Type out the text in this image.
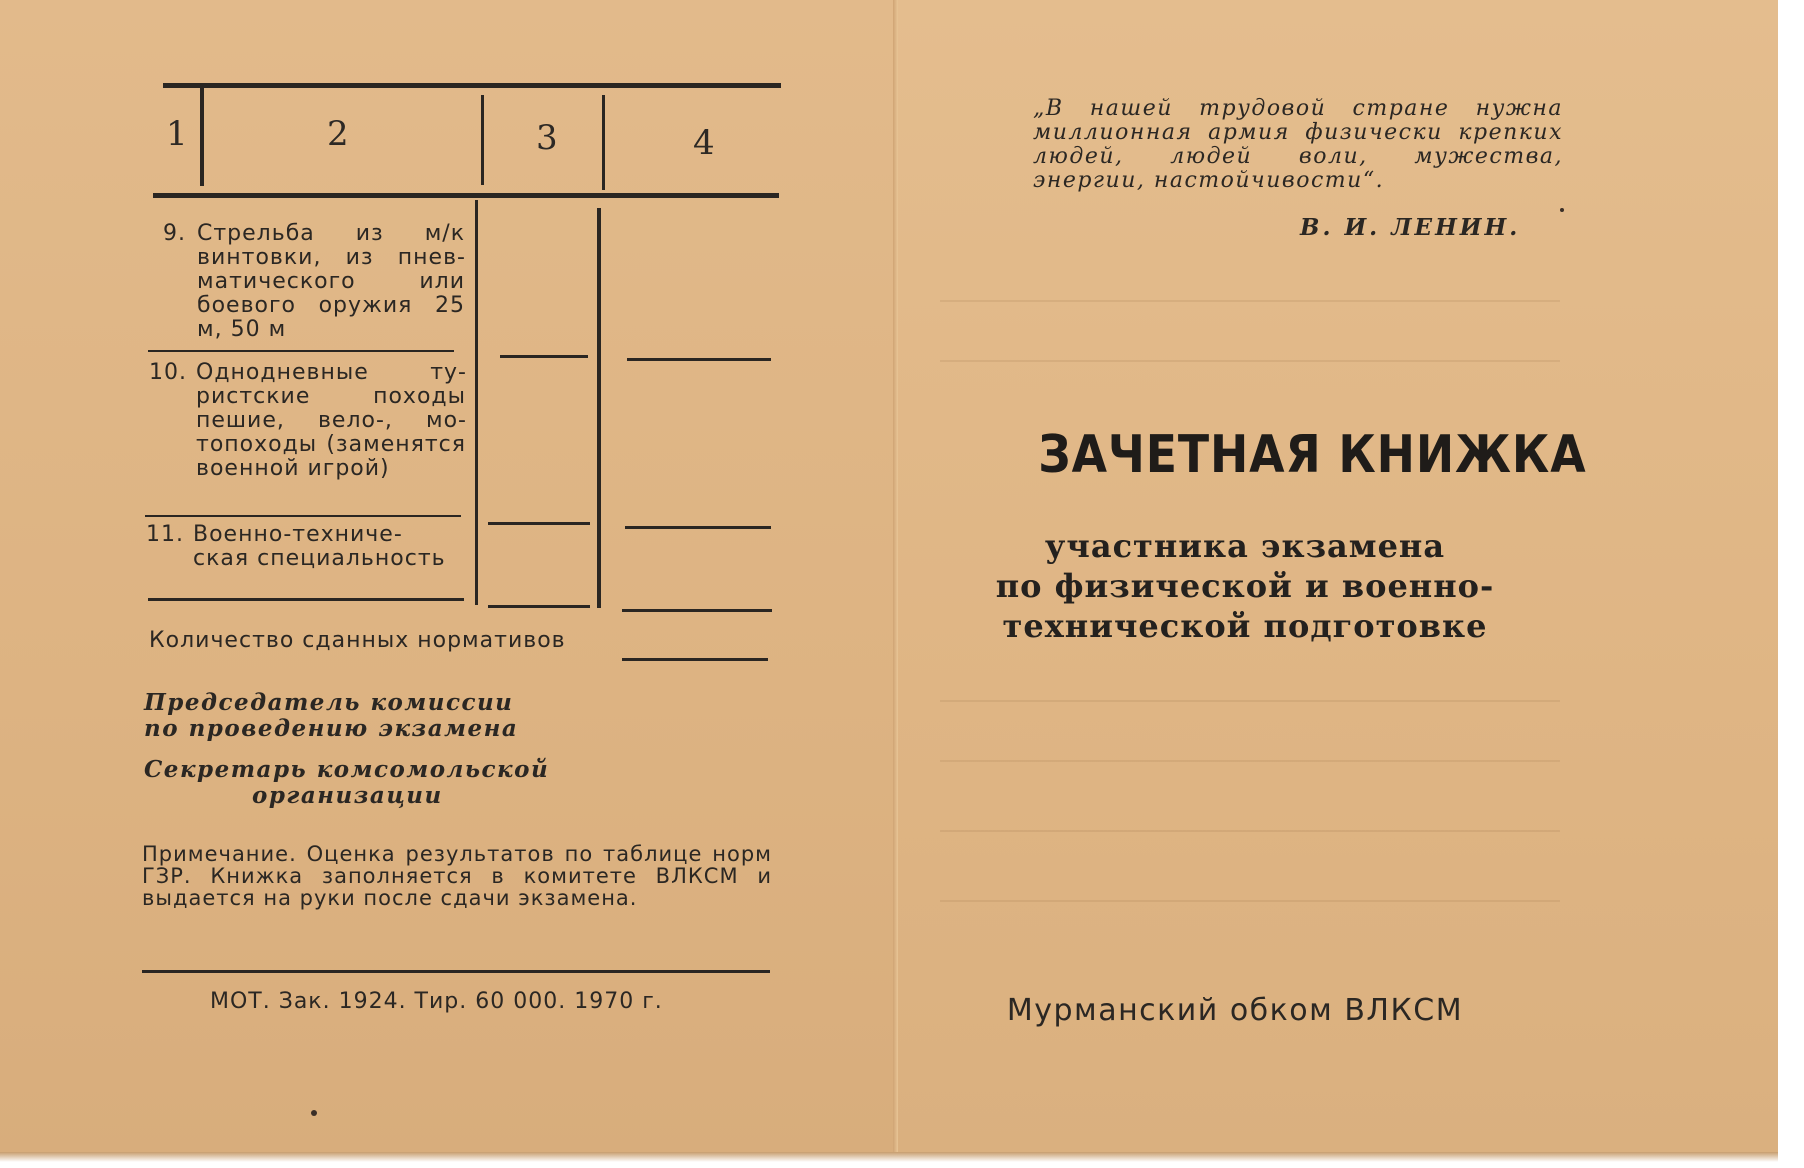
1	2	3	4
9. Стрельба из м/к винтовки, из пневматического или боевого оружия 25 м, 50 м
10. Однодневные туристские походы пешие, вело-, мотопоходы (заменятся военной игрой)
11. Военно-техническая специальность
Количество сданных нормативов
Председатель комиссии
по проведению экзамена
Секретарь комсомольской
организации
Примечание. Оценка результатов по таблице норм ГЗР. Книжка заполняется в комитете ВЛКСМ и выдается на руки после сдачи экзамена.
МОТ. Зак. 1924. Тир. 60 000. 1970 г.
„В нашей трудовой стране нужна миллионная армия физически крепких людей, людей воли, мужества, энергии, настойчивости“.
В. И. ЛЕНИН.
ЗАЧЕТНАЯ КНИЖКА
участника экзамена
по физической и военно-
технической подготовке
Мурманский обком ВЛКСМ
